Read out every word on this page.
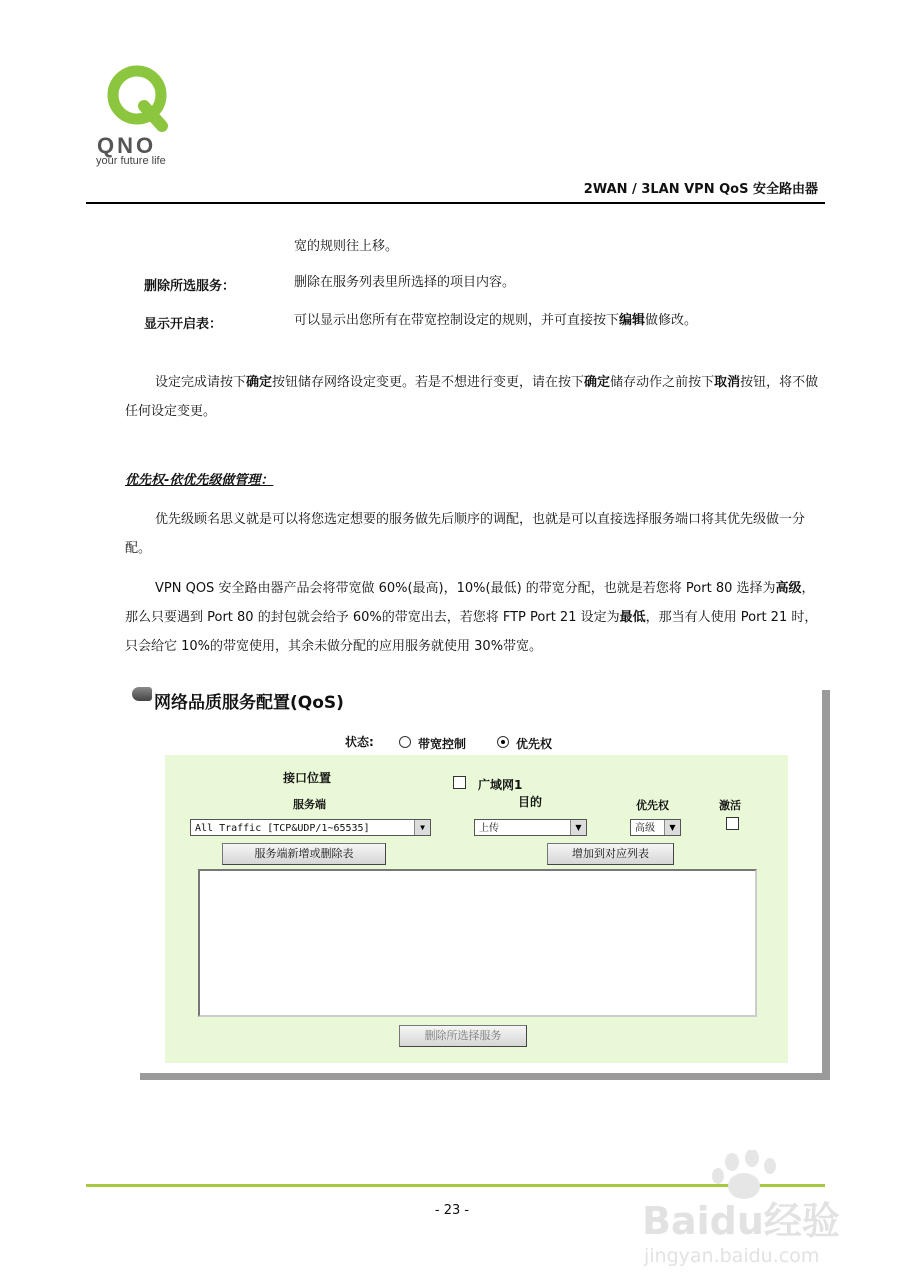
QNO
your future life
2WAN / 3LAN VPN QoS 安全路由器
宽的规则往上移。
删除所选服务：	删除在服务列表里所选择的项目内容。
显示开启表：	可以显示出您所有在带宽控制设定的规则，并可直接按下编辑做修改。
设定完成请按下确定按钮储存网络设定变更。若是不想进行变更，请在按下确定储存动作之前按下取消按钮，将不做任何设定变更。
优先权-依优先级做管理：
优先级顾名思义就是可以将您选定想要的服务做先后顺序的调配，也就是可以直接选择服务端口将其优先级做一分配。
VPN QOS 安全路由器产品会将带宽做 60%(最高)，10%(最低) 的带宽分配，也就是若您将 Port 80 选择为高级，那么只要遇到 Port 80 的封包就会给予 60%的带宽出去，若您将 FTP Port 21 设定为最低，那当有人使用 Port 21 时，只会给它 10%的带宽使用，其余未做分配的应用服务就使用 30%带宽。
网络品质服务配置(QoS)
状态:	带宽控制	优先权
接口位置	广域网1
服务端	目的	优先权	激活
All Traffic [TCP&UDP/1~65535]	▼	上传	▼	高级	▼
服务端新增或删除表	增加到对应列表
删除所选择服务
- 23 -	Baidu经验
jingyan.baidu.com
